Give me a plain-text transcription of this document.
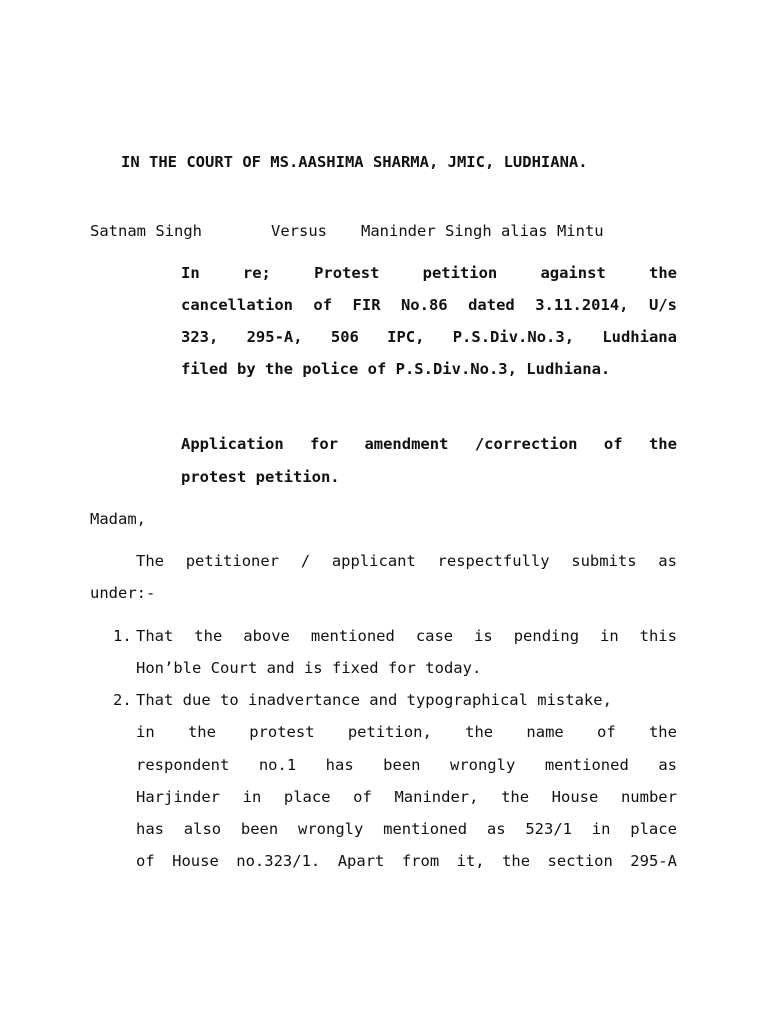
IN THE COURT OF MS.AASHIMA SHARMA, JMIC, LUDHIANA.
Satnam Singh	Versus Maninder Singh alias Mintu
In	re;	Protest	petition	against	the
cancellation of FIR No.86 dated 3.11.2014, U/s
323, 295-A, 506 IPC, P.S.Div.No.3, Ludhiana
filed by the police of P.S.Div.No.3, Ludhiana.
Application for amendment /correction of the
protest petition.
Madam,
The petitioner / applicant respectfully submits as
under:-
1. That the above mentioned case is pending in this
Hon’ble Court and is fixed for today.
2. That due to inadvertance and typographical mistake,
in the protest petition, the name of the
respondent no.1 has been wrongly mentioned as
Harjinder in place of Maninder, the House number
has also been wrongly mentioned as 523/1 in place
of House no.323/1. Apart from it, the section 295-A
